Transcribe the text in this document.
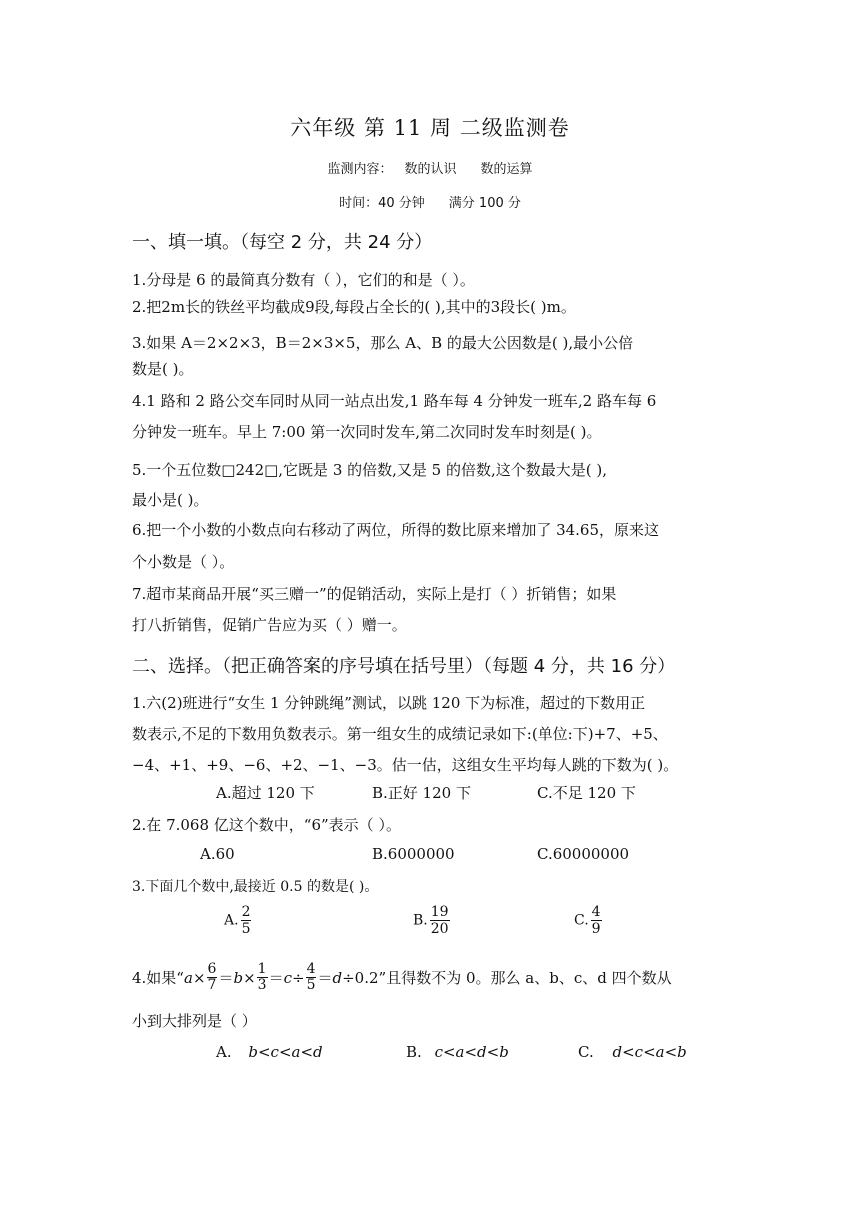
六年级 第 11 周 二级监测卷
监测内容： 数的认识 数的运算
时间：40 分钟 满分 100 分
一、填一填。（每空 2 分，共 24 分）
1.分母是 6 的最简真分数有（ ），它们的和是（ ）。
2.把2m长的铁丝平均截成9段,每段占全长的( ),其中的3段长( )m。
3.如果 A＝2×2×3，B＝2×3×5，那么 A、B 的最大公因数是( ),最小公倍
数是( )。
4.1 路和 2 路公交车同时从同一站点出发,1 路车每 4 分钟发一班车,2 路车每 6
分钟发一班车。早上 7:00 第一次同时发车,第二次同时发车时刻是( )。
5.一个五位数□242□,它既是 3 的倍数,又是 5 的倍数,这个数最大是( ),
最小是( )。
6.把一个小数的小数点向右移动了两位，所得的数比原来增加了 34.65，原来这
个小数是（ ）。
7.超市某商品开展“买三赠一”的促销活动，实际上是打（ ）折销售；如果
打八折销售，促销广告应为买（ ）赠一。
二、选择。（把正确答案的序号填在括号里）（每题 4 分，共 16 分）
1.六(2)班进行“女生 1 分钟跳绳”测试，以跳 120 下为标准，超过的下数用正
数表示,不足的下数用负数表示。第一组女生的成绩记录如下:(单位:下)+7、+5、
−4、+1、+9、−6、+2、−1、−3。估一估，这组女生平均每人跳的下数为( )。
A.超过 120 下	B.正好 120 下	C.不足 120 下
2.在 7.068 亿这个数中，“6”表示（ ）。
A.60	B.6000000	C.60000000
3.下面几个数中,最接近 0.5 的数是( )。
A. $\frac{2}{5}$	B. $\frac{19}{20}$	C. $\frac{4}{9}$
4.如果“ $a \times \frac{6}{7} = b \times \frac{1}{3} = c \div \frac{4}{5} = d \div 0.2$ ”且得数不为 0。那么 a、b、c、d 四个数从
小到大排列是（ ）
A. b<c<a<d	B. c<a<d<b	C. d<c<a<b
